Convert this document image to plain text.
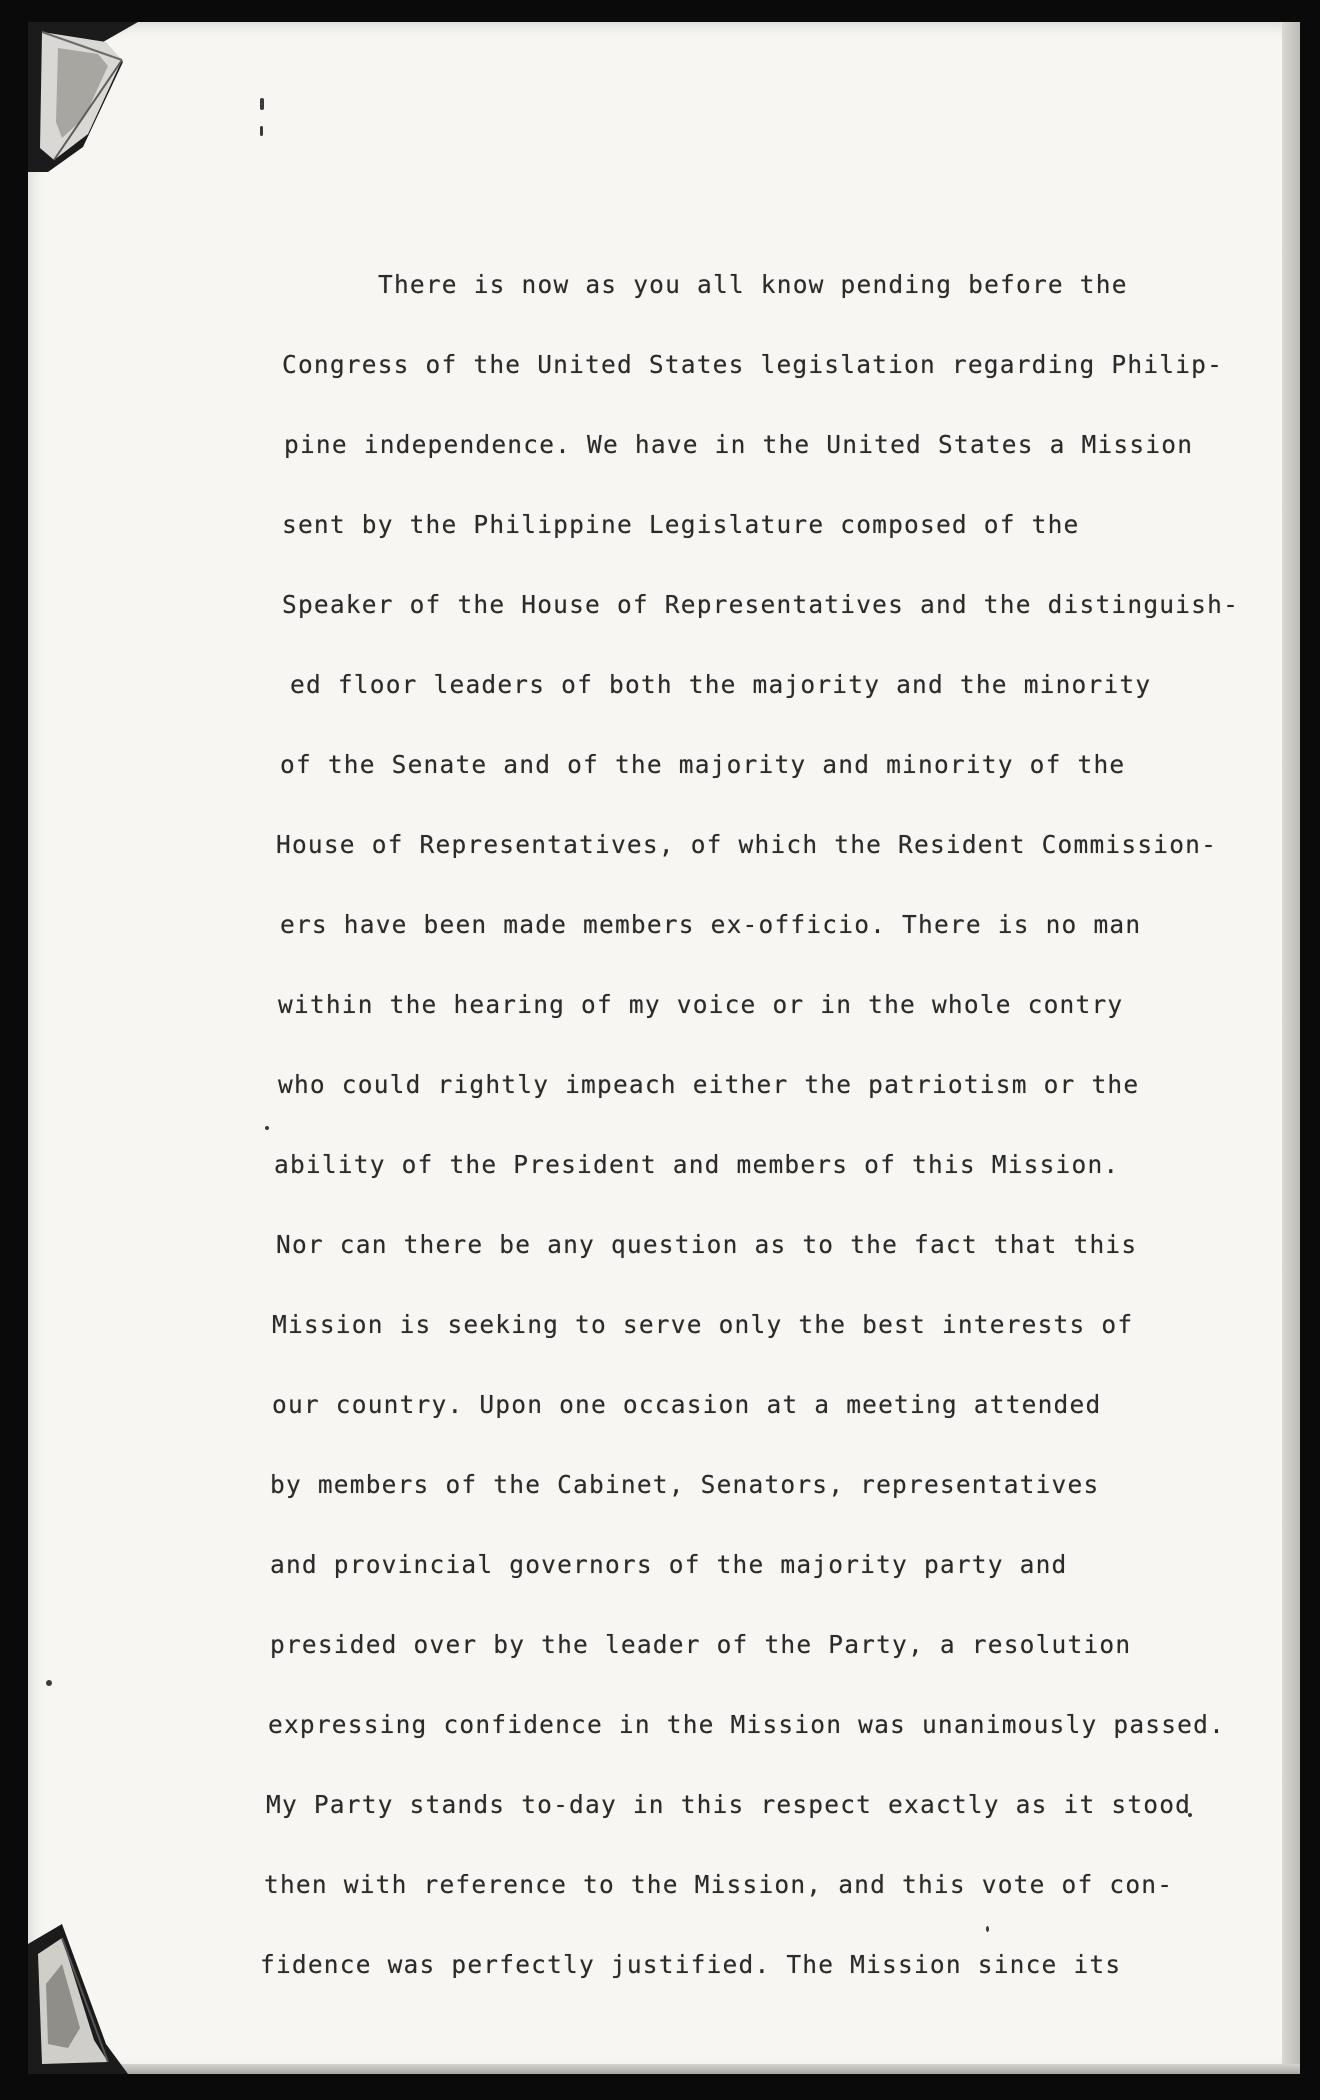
There is now as you all know pending before the
Congress of the United States legislation regarding Philip-
pine independence. We have in the United States a Mission
sent by the Philippine Legislature composed of the
Speaker of the House of Representatives and the distinguish-
ed floor leaders of both the majority and the minority
of the Senate and of the majority and minority of the
House of Representatives, of which the Resident Commission-
ers have been made members ex-officio. There is no man
within the hearing of my voice or in the whole contry
who could rightly impeach either the patriotism or the
ability of the President and members of this Mission.
Nor can there be any question as to the fact that this
Mission is seeking to serve only the best interests of
our country. Upon one occasion at a meeting attended
by members of the Cabinet, Senators, representatives
and provincial governors of the majority party and
presided over by the leader of the Party, a resolution
expressing confidence in the Mission was unanimously passed.
My Party stands to-day in this respect exactly as it stood
then with reference to the Mission, and this vote of con-
fidence was perfectly justified. The Mission since its
